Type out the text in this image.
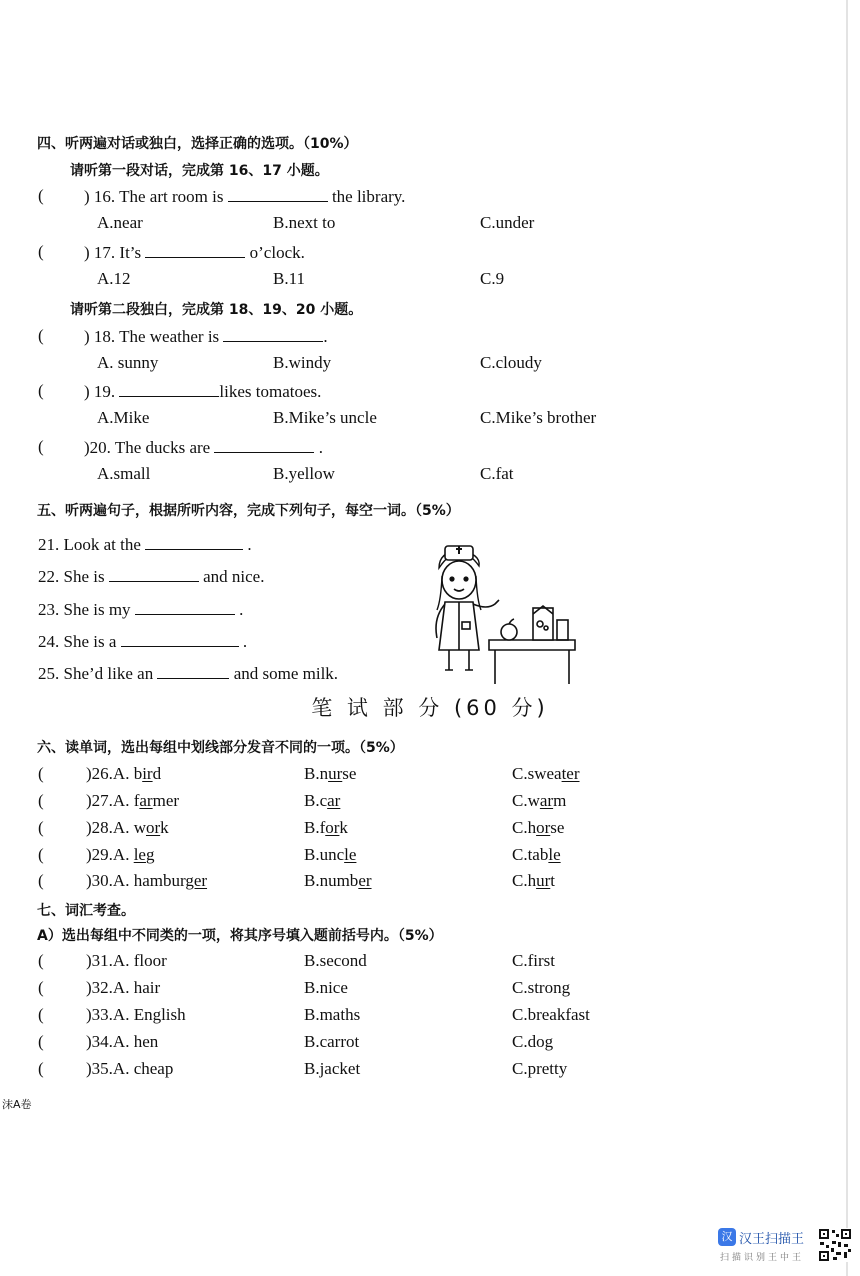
四、听两遍对话或独白，选择正确的选项。（10%）
请听第一段对话，完成第 16、17 小题。
( ) 16. The art room is	the library.
A.near	B.next to	C.under
( ) 17. It’s	o’clock.
A.12	B.11	C.9
请听第二段独白，完成第 18、19、20 小题。
( ) 18. The weather is	.
A. sunny	B.windy	C.cloudy
( ) 19.	likes tomatoes.
A.Mike	B.Mike’s uncle	C.Mike’s brother
( )20. The ducks are	.
A.small	B.yellow	C.fat
五、听两遍句子，根据所听内容，完成下列句子，每空一词。（5%）
21. Look at the	.
22. She is	and nice.
23. She is my	.
24. She is a	.
25. She’d like an	and some milk.
笔 试 部 分 (60 分)
六、读单词，选出每组中划线部分发音不同的一项。（5%）
( )26.A. bird	B.nurse	C.sweater
( )27.A. farmer	B.car	C.warm
( )28.A. work	B.fork	C.horse
( )29.A. leg	B.uncle	C.table
( )30.A. hamburger	B.number	C.hurt
七、词汇考查。
A）选出每组中不同类的一项，将其序号填入题前括号内。（5%）
( )31.A. floor	B.second	C.first
( )32.A. hair	B.nice	C.strong
( )33.A. English	B.maths	C.breakfast
( )34.A. hen	B.carrot	C.dog
( )35.A. cheap	B.jacket	C.pretty
沫A卷
汉 汉王扫描王
扫描识别王中王
